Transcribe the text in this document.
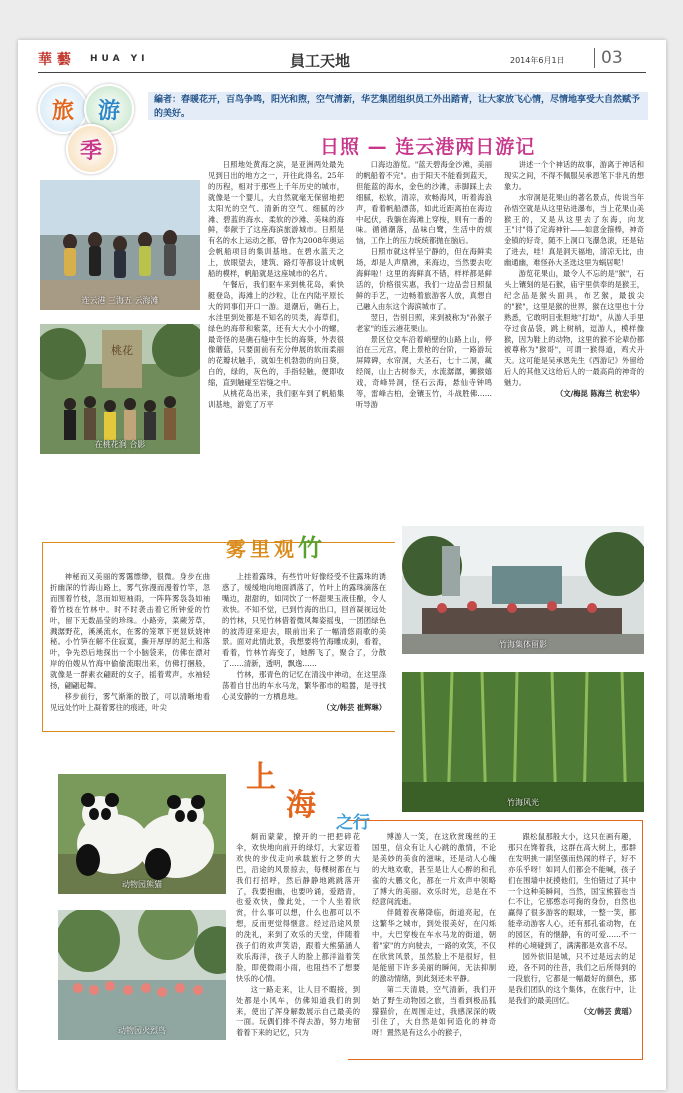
華 藝 HUA YI	員工天地	2014年6月1日	03
旅 游
季
編者：春暖花开，百鸟争鸣，阳光和煦，空气清新，华艺集团组织员工外出踏青，让大家放飞心情，尽情地享受大自然赋予的美好。
日照 — 连云港两日游记
连云港 三海五 云海滩
桃花
在桃花涧 合影

日照地处黄海之滨，是亚洲两处最先见到日出的地方之一，开往此得名。25年的历程，相对于那些上千年历史的城市，就像是一个婴儿，大自然就毫无保留地把太阳光的空气、清新的空气、细腻的沙滩、碧蓝的海水、柔软的沙滩、美味的海鲜，奉献于了这座海滨旅游城市。日照是有名的水上运动之都，曾作为2008年奥运会帆船项目的集训基地。在碧水蓝天之上，放眼望去，建筑、路灯等都设计成帆船的模样，帆船就是这座城市的名片。

午餐后，我们驱车来到桃花岛，乘快艇登岛，海滩上的沙粒，让在内陆平原长大的同事们开口一游。退潮后，礁石上，水洼里到处都是不知名的贝类，海草们，绿色的海带和紫菜，还有大大小小的螺，最奇怪的是礁石缝中生长的海葵，外表很像蘑菇，只要面前有充分伸展的软而柔丽的花瓣状触手，就如生机勃勃的向日葵，白的，绿的，灰色的，手指轻触，便即收缩，直到触碰至岩缝之中。

从桃花岛出来，我们驱车到了帆船集训基地，游览了万平

口海边游览。"蓝天碧海金沙滩，美丽的帆船着不完"。由于阳天不能看到蓝天，但能蓝的海水，金色的沙滩，赤脚踩上去细腻，松软，清凉，欢畅海风，听着海浪声，看着帆船漂荡，如此近距离拍在海边中起伏，我躺在海滩上穿梭，则有一番的味。循循潮落，品味白鹭，生活中的烦恼，工作上的压力统统都抛在脑后。

日照市就这样呈宁静的，但在海鲜卖场，却是人声鼎沸，来海边，当然要去吃海鲜啦！这里的海鲜真不错，样样都是鲜活的，价格很实惠，我们一边品尝日照鼠鲜的手艺，一边畅着旅游客人放，真想自己融入由东这个海滨城市了。

翌日，告别日照，来到被称为"孙猴子老家"的连云港花果山。

景区位交车沿着峭壁的山路上山，停泊在三元宫，爬上景枪的台阶，一路游玩屏障碑，水帘洞，大圣石，七十二洞，藏经阁，山上古树参天，水流潺潺，狮猴嬉戏，奇峰异洞，怪石云海，悬仙寺钟鸣等，雷峰古柏，金镶玉竹，斗战胜佛……听导游

讲述一个个神话的故事，游离于神话和现实之间，不得不佩服吴承恩笔下非凡的想象力。

水帘洞是花果山的著名景点，传说当年孙悟空就是从这里钻进瀑布，当上花果山美猴王的，又是从这里去了东海，向龙王"讨"得了定海神针——如意金箍棒，神奇金镇的好奇，随不上洞口飞瀑急滚，还是钻了进去，哇！真是洞天福地，清凉无比，由幽通幽，难怪孙大圣选这里为蜗居呢！

游览花果山，最令人不忘的是"猴"，石头上镶刻的是石猴，庙宇里供奉的是猴王，纪念品是猴头面具，布艺猴，最拔尖的"猴"，这里是猴的世界，猴在这里也十分熟悉，它敢明目张胆地"打劫"，从游人手里夺过食品袋，跳上树梢，逗游人，模样像猴，因为鞋上的动物，这里的猴不论辈份都被尊称为"猴哥"，可谓一猴得道，鸡犬升天。这可能是吴承恩先生《西游记》外留给后人的其他又这给后人的一最高尚的神奇的魅力。

（文/梅昆 陈海兰 杭宏华）

雾里观竹

神秘而又美丽的雾霭缥缈，很微。身步在曲折幽深的竹海山路上，雾气弥漫而漫着竹竿，忽而围着竹枝，忽而如短袖雨，一阵阵雾袅袅如袖着竹枝在竹林中。时不时袭击着它所钟爱的竹叶，留下无数晶莹的珍珠。小路旁，菜蕨芳草，溅潺野花，溪溪流水，在雾的笼罩下更显妖娆神秘。小竹笋在解不住寂寞，撕开厚厚的泥土和落叶，争先恐后地探出一个小脑袋来，仿佛在漂对岸的伯嫂从竹海中偷偷流眼出来，仿佛打捆般，就像是一群素衣翩跹的女子，摇着莺声，水袖轻扬，翩翩起舞。

移步前行，雾气渐渐的散了，可以清晰地看见远处竹叶上凝着雾往的痕迹，叶尖

上挂着露珠，有些竹叶好像经受不住露珠的诱惑了，缓缓地向地面洒落了，竹叶上的露珠滴落在嘴边，甜甜的，如同饮了一杯甜果玉液佳酿，令人欢快。不知不觉，已到竹海的出口，回首凝视远处的竹林，只见竹林借着微风舞姿摇曳，一团团绿色的波涛迎来迎去，眼前出来了一幅清悠雨歌的美景。面对此情此景，我想要将竹海雕成刹，看着，看着，竹林竹海变了，她醉飞了，聚合了，分散了……清新，透明，飘逸……

竹林，那青色的记忆在清浅中神动，在这里涤荡着自甘出的车水马龙，繁华都市的喧嚣，是寻找心灵安静的一方栖息地。

（文/韩芸 崔辉琳）

竹海集体留影
竹海风光
上
海 之行
动物园熊猫
动物园火烈鸟

炯而蒙蒙，撩开的一把把碎花伞，欢快地向前开的绿灯，大家迈着欢快的步伐走向承载旅行之梦的大巴，沿途的风景掠去，每棵树都在与我们打招呼，然后静静地跳跳落开了，我要抱幽，也要吟诵，爱踏青，也爱欢快，像此处，一个人坐着欣赏，什么事可以想，什么也都可以不想，反而更觉得惬意。经过沿途风景的洗礼，来到了欢乐的天堂，伴随着孩子们的欢声笑语，跟着大熊猫涵人欢乐海洋，孩子人的脸上都洋溢着笑脸，即使微雨小雨，也阻挡不了想要快乐的心情。

这一路走来，让人目不暇接，到处都是小风车，仿佛知道我们的到来，使出了浑身解数展示自己最美的一面。玩偶们排不得去游，努力地留着着下来的记忆，只为

博游人一笑，在这欣赏瑰丝的王国里，信众有让人心跳的激情，不论是美妙的美食的滋味，还是动人心魄的大地欢歌，甚至是让人心醉的和孔雀的大鹏文化，都在一片欢声中领略了博大的美丽。欢乐时光，总是在不经意间流逝。

伴随着夜幕降临，街道亮起，在这繁华之城市，到处很美好，在闪烁中，大巴穿梭在车水马龙的街道，朝着"家"的方向驶去，一路的欢笑，不仅在欣赏风景，虽然脸上不是很好，但是能留下许多美丽的瞬间，无法抑制的激动情绪，到此刻还未平静。

第二天清晨，空气清新，我们开始了野生动物园之旅，当看到极品狐獴猫价，在周围走过，我感深深的吸引住了，大自然是如何造化的神奇呀！置然是有这么小的猴子，

跟松鼠那般大小，这只在画有趣，那只在馋着我，这群在高大树上，那群在发明挑一副坚强而热闹的样子，好不亦乐乎呀！如同人们都会不能喊，孩子们在围墙中抚摸他们，生怕错过了其中一个这种美瞬间，当然，国宝熊猫也当仁不让，它那憨态可掬的身份，自然也赢得了很多游客的眼球，一整一笑，都能牵动游客人心，还有那孔雀动物，在的园区，有的惬静，有的可爱……不一样的心境碰到了，满满都是欢喜不尽。

园外依旧是城，只不过是远去的足迹，各不同的往昔，我们之后所得到的一段旅行，它都是一幅最好的颜色，那是我们团队的这个集体，在旅行中，让是我们的最美回忆。

（文/韩芸 黄瑶）
